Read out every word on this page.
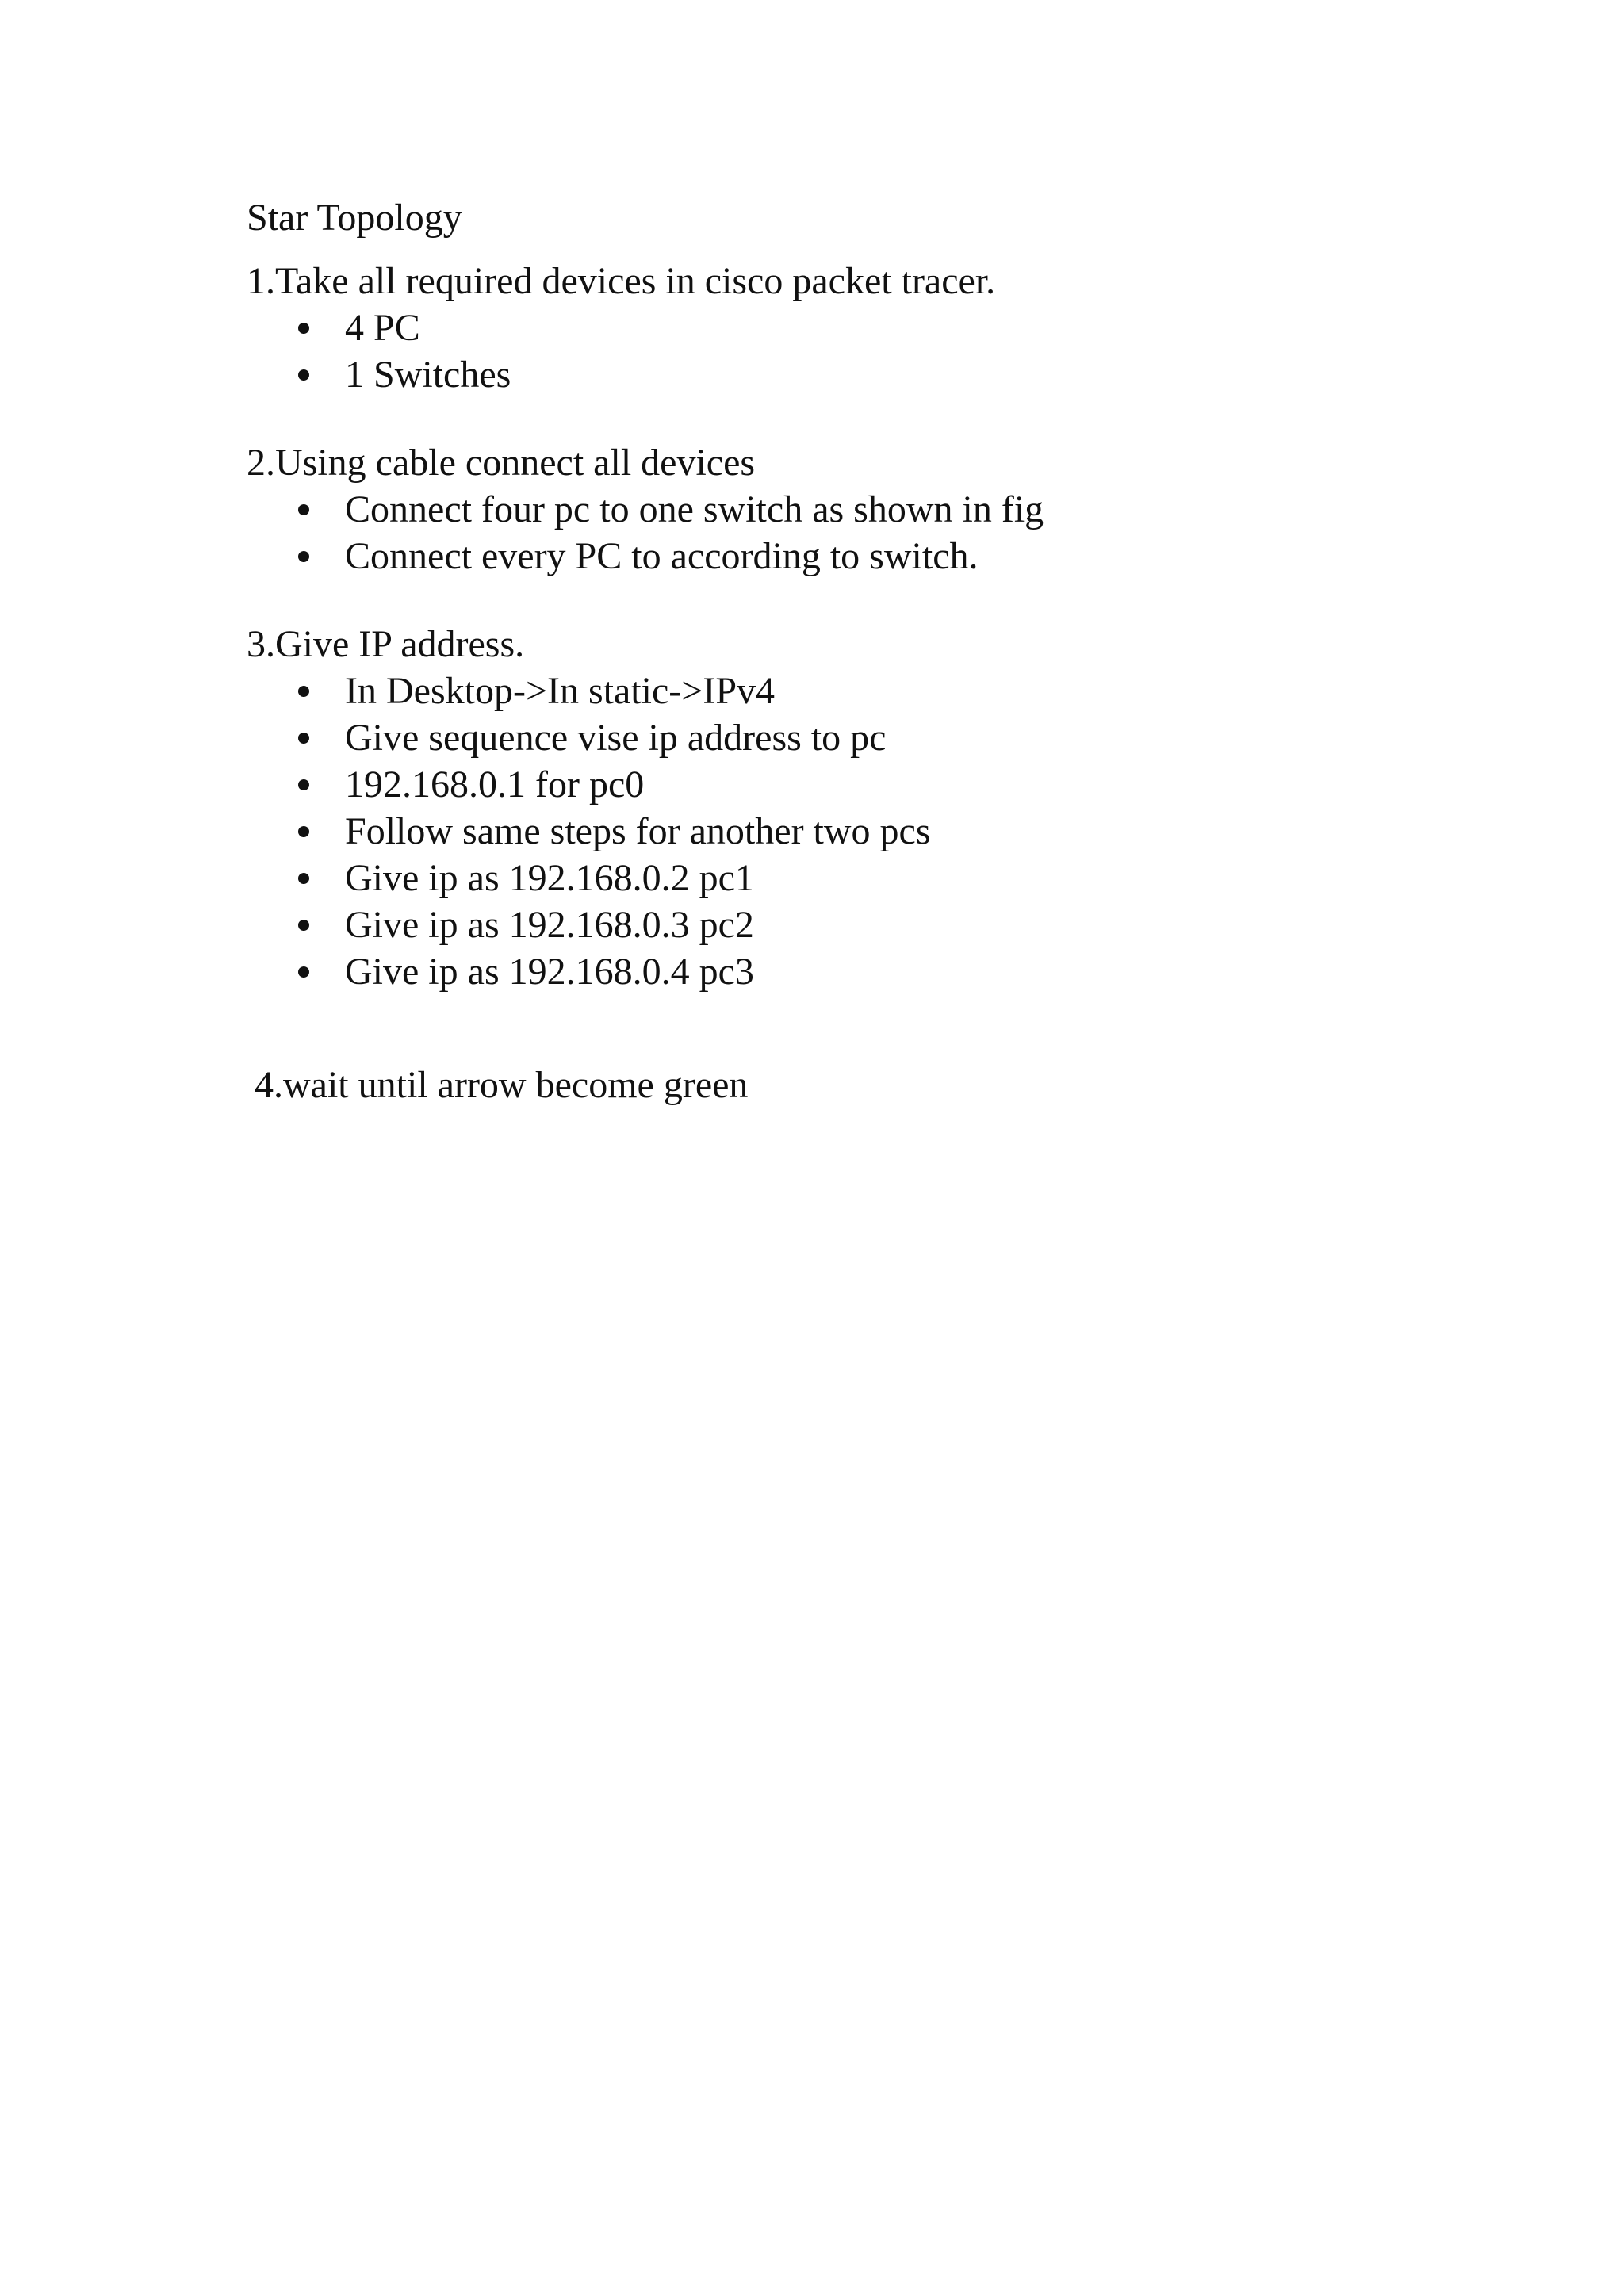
Star Topology

1.Take all required devices in cisco packet tracer.

4 PC
1 Switches

2.Using cable connect all devices

Connect four pc to one switch as shown in fig
Connect every PC to according to switch.

3.Give IP address.

In Desktop->In static->IPv4
Give sequence vise ip address to pc
192.168.0.1 for pc0
Follow same steps for another two pcs
Give ip as 192.168.0.2 pc1
Give ip as 192.168.0.3 pc2
Give ip as 192.168.0.4 pc3

4.wait until arrow become green
